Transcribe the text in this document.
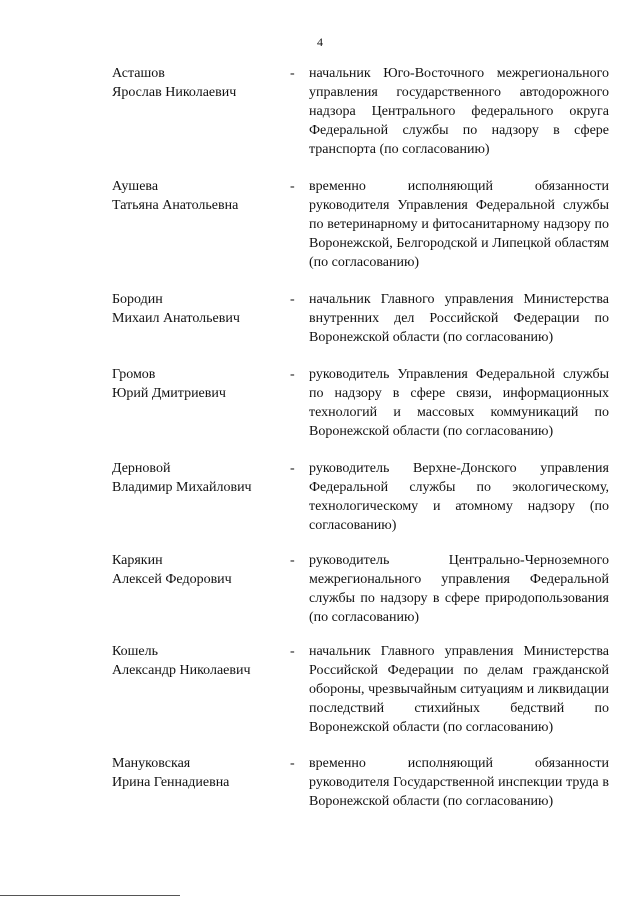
4
Асташов
Ярослав Николаевич
- начальник Юго-Восточного межрегионального управления государственного автодорожного надзора Центрального федерального округа Федеральной службы по надзору в сфере транспорта (по согласованию)
Аушева
Татьяна Анатольевна
- временно исполняющий обязанности руководителя Управления Федеральной службы по ветеринарному и фитосанитарному надзору по Воронежской, Белгородской и Липецкой областям (по согласованию)
Бородин
Михаил Анатольевич
- начальник Главного управления Министерства внутренних дел Российской Федерации по Воронежской области (по согласованию)
Громов
Юрий Дмитриевич
- руководитель Управления Федеральной службы по надзору в сфере связи, информационных технологий и массовых коммуникаций по Воронежской области (по согласованию)
Дерновой
Владимир Михайлович
- руководитель Верхне-Донского управления Федеральной службы по экологическому, технологическому и атомному надзору (по согласованию)
Карякин
Алексей Федорович
- руководитель Центрально-Черноземного межрегионального управления Федеральной службы по надзору в сфере природопользования (по согласованию)
Кошель
Александр Николаевич
- начальник Главного управления Министерства Российской Федерации по делам гражданской обороны, чрезвычайным ситуациям и ликвидации последствий стихийных бедствий по Воронежской области (по согласованию)
Мануковская
Ирина Геннадиевна
- временно исполняющий обязанности руководителя Государственной инспекции труда в Воронежской области (по согласованию)
